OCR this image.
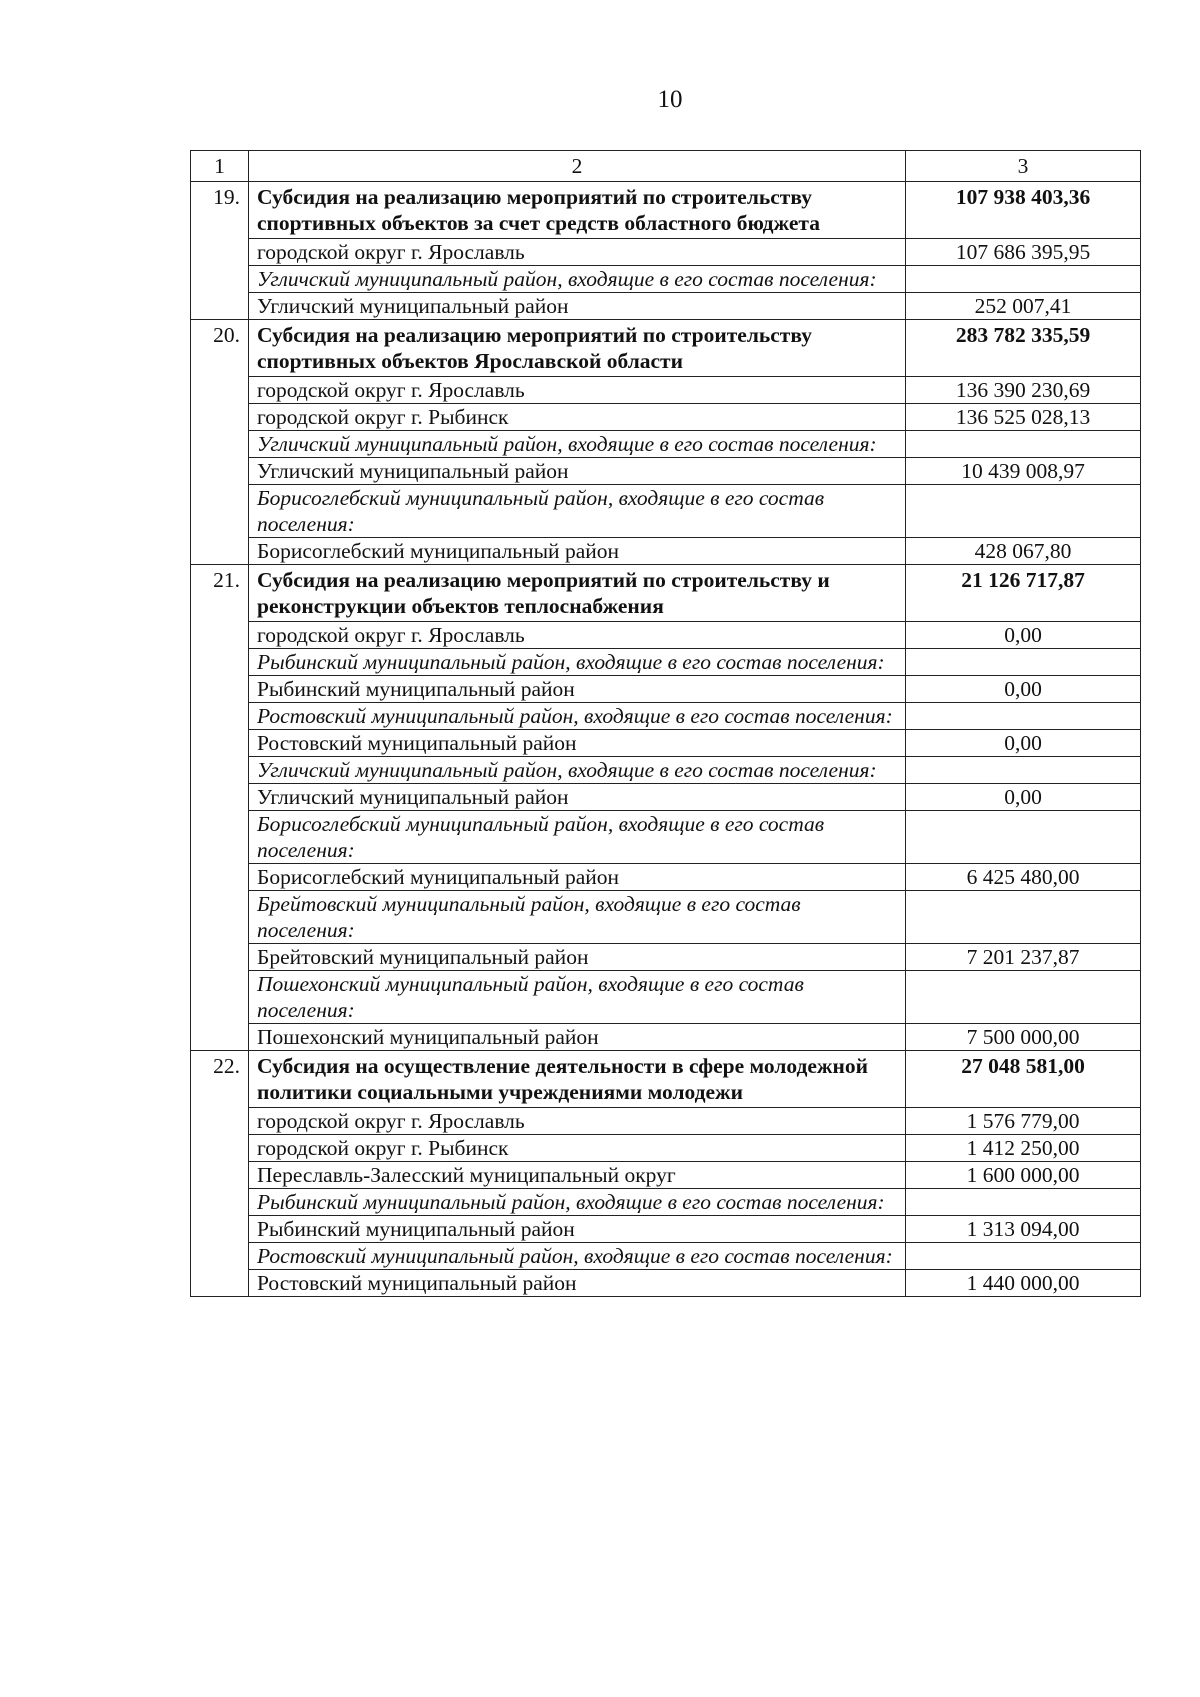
10
1	2	3
19.	Субсидия на реализацию мероприятий по строительству спортивных объектов за счет средств областного бюджета	107 938 403,36
	городской округ г. Ярославль	107 686 395,95
	Угличский муниципальный район, входящие в его состав поселения:	
	Угличский муниципальный район	252 007,41
20.	Субсидия на реализацию мероприятий по строительству спортивных объектов Ярославской области	283 782 335,59
	городской округ г. Ярославль	136 390 230,69
	городской округ г. Рыбинск	136 525 028,13
	Угличский муниципальный район, входящие в его состав поселения:	
	Угличский муниципальный район	10 439 008,97
	Борисоглебский муниципальный район, входящие в его состав поселения:	
	Борисоглебский муниципальный район	428 067,80
21.	Субсидия на реализацию мероприятий по строительству и реконструкции объектов теплоснабжения	21 126 717,87
	городской округ г. Ярославль	0,00
	Рыбинский муниципальный район, входящие в его состав поселения:	
	Рыбинский муниципальный район	0,00
	Ростовский муниципальный район, входящие в его состав поселения:	
	Ростовский муниципальный район	0,00
	Угличский муниципальный район, входящие в его состав поселения:	
	Угличский муниципальный район	0,00
	Борисоглебский муниципальный район, входящие в его состав поселения:	
	Борисоглебский муниципальный район	6 425 480,00
	Брейтовский муниципальный район, входящие в его состав поселения:	
	Брейтовский муниципальный район	7 201 237,87
	Пошехонский муниципальный район, входящие в его состав поселения:	
	Пошехонский муниципальный район	7 500 000,00
22.	Субсидия на осуществление деятельности в сфере молодежной политики социальными учреждениями молодежи	27 048 581,00
	городской округ г. Ярославль	1 576 779,00
	городской округ г. Рыбинск	1 412 250,00
	Переславль-Залесский муниципальный округ	1 600 000,00
	Рыбинский муниципальный район, входящие в его состав поселения:	
	Рыбинский муниципальный район	1 313 094,00
	Ростовский муниципальный район, входящие в его состав поселения:	
	Ростовский муниципальный район	1 440 000,00
